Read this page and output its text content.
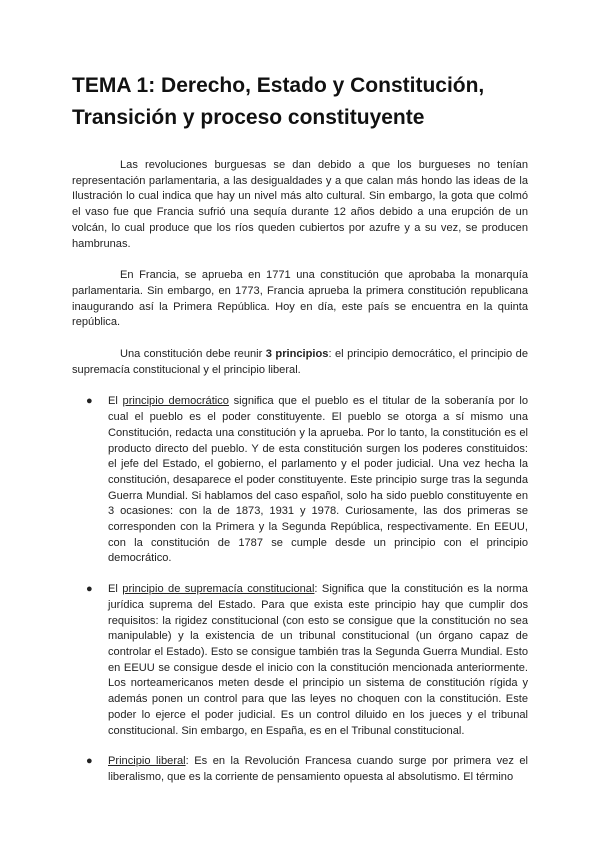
TEMA 1: Derecho, Estado y Constitución, Transición y proceso constituyente

Las revoluciones burguesas se dan debido a que los burgueses no tenían representación parlamentaria, a las desigualdades y a que calan más hondo las ideas de la Ilustración lo cual indica que hay un nivel más alto cultural. Sin embargo, la gota que colmó el vaso fue que Francia sufrió una sequía durante 12 años debido a una erupción de un volcán, lo cual produce que los ríos queden cubiertos por azufre y a su vez, se producen hambrunas.

En Francia, se aprueba en 1771 una constitución que aprobaba la monarquía parlamentaria. Sin embargo, en 1773, Francia aprueba la primera constitución republicana inaugurando así la Primera República. Hoy en día, este país se encuentra en la quinta república.

Una constitución debe reunir 3 principios: el principio democrático, el principio de supremacía constitucional y el principio liberal.

● El principio democrático significa que el pueblo es el titular de la soberanía por lo cual el pueblo es el poder constituyente. El pueblo se otorga a sí mismo una Constitución, redacta una constitución y la aprueba. Por lo tanto, la constitución es el producto directo del pueblo. Y de esta constitución surgen los poderes constituidos: el jefe del Estado, el gobierno, el parlamento y el poder judicial. Una vez hecha la constitución, desaparece el poder constituyente. Este principio surge tras la segunda Guerra Mundial. Si hablamos del caso español, solo ha sido pueblo constituyente en 3 ocasiones: con la de 1873, 1931 y 1978. Curiosamente, las dos primeras se corresponden con la Primera y la Segunda República, respectivamente. En EEUU, con la constitución de 1787 se cumple desde un principio con el principio democrático.
● El principio de supremacía constitucional: Significa que la constitución es la norma jurídica suprema del Estado. Para que exista este principio hay que cumplir dos requisitos: la rigidez constitucional (con esto se consigue que la constitución no sea manipulable) y la existencia de un tribunal constitucional (un órgano capaz de controlar el Estado). Esto se consigue también tras la Segunda Guerra Mundial. Esto en EEUU se consigue desde el inicio con la constitución mencionada anteriormente. Los norteamericanos meten desde el principio un sistema de constitución rígida y además ponen un control para que las leyes no choquen con la constitución. Este poder lo ejerce el poder judicial. Es un control diluido en los jueces y el tribunal constitucional. Sin embargo, en España, es en el Tribunal constitucional.
● Principio liberal: Es en la Revolución Francesa cuando surge por primera vez el liberalismo, que es la corriente de pensamiento opuesta al absolutismo. El término
